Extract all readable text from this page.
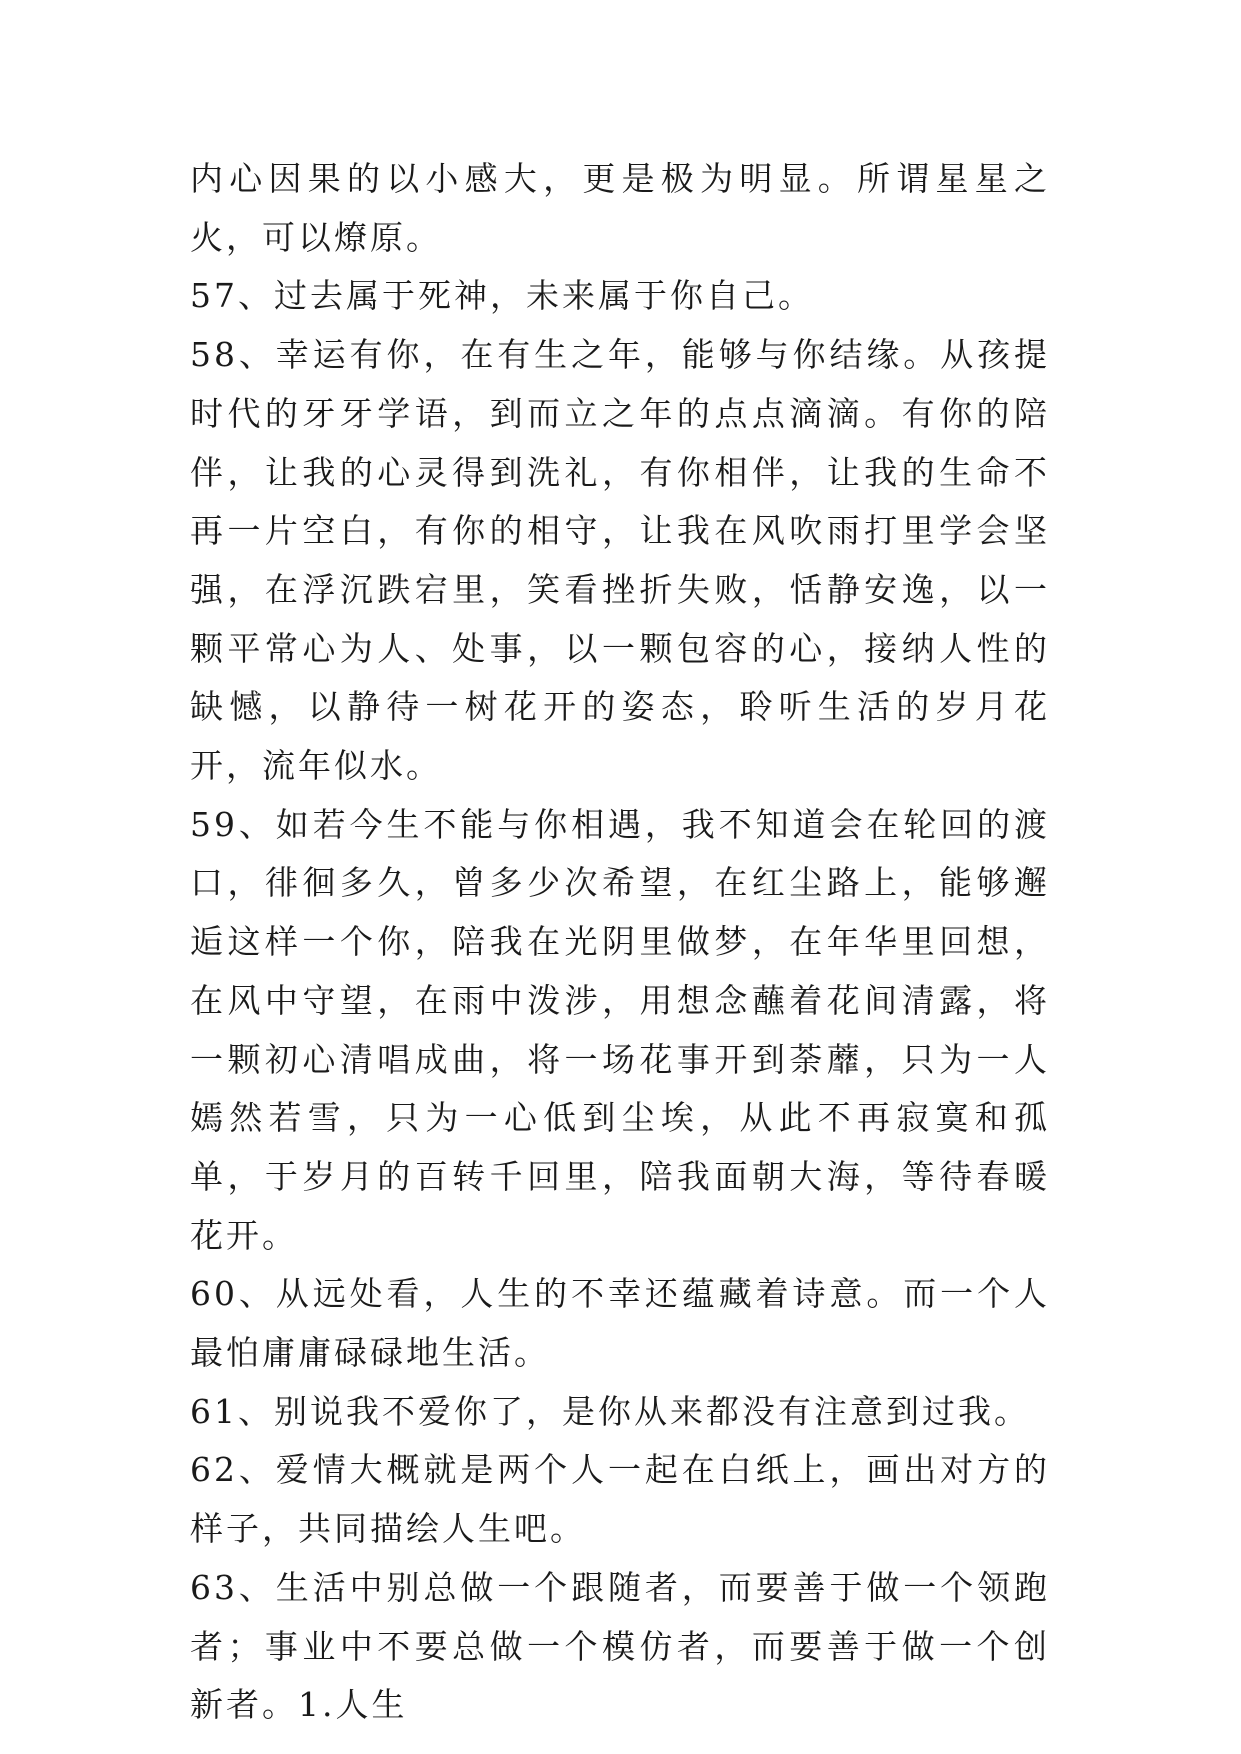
内心因果的以小感大，更是极为明显。所谓星星之火，可以燎原。

57、过去属于死神，未来属于你自己。

58、幸运有你，在有生之年，能够与你结缘。从孩提时代的牙牙学语，到而立之年的点点滴滴。有你的陪伴，让我的心灵得到洗礼，有你相伴，让我的生命不再一片空白，有你的相守，让我在风吹雨打里学会坚强，在浮沉跌宕里，笑看挫折失败，恬静安逸，以一颗平常心为人、处事，以一颗包容的心，接纳人性的缺憾，以静待一树花开的姿态，聆听生活的岁月花开，流年似水。

59、如若今生不能与你相遇，我不知道会在轮回的渡口，徘徊多久，曾多少次希望，在红尘路上，能够邂逅这样一个你，陪我在光阴里做梦，在年华里回想，在风中守望，在雨中泼涉，用想念蘸着花间清露，将一颗初心清唱成曲，将一场花事开到荼蘼，只为一人嫣然若雪，只为一心低到尘埃，从此不再寂寞和孤单，于岁月的百转千回里，陪我面朝大海，等待春暖花开。

60、从远处看，人生的不幸还蕴藏着诗意。而一个人最怕庸庸碌碌地生活。

61、别说我不爱你了，是你从来都没有注意到过我。

62、爱情大概就是两个人一起在白纸上，画出对方的样子，共同描绘人生吧。

63、生活中别总做一个跟随者，而要善于做一个领跑者；事业中不要总做一个模仿者，而要善于做一个创新者。1.人生
